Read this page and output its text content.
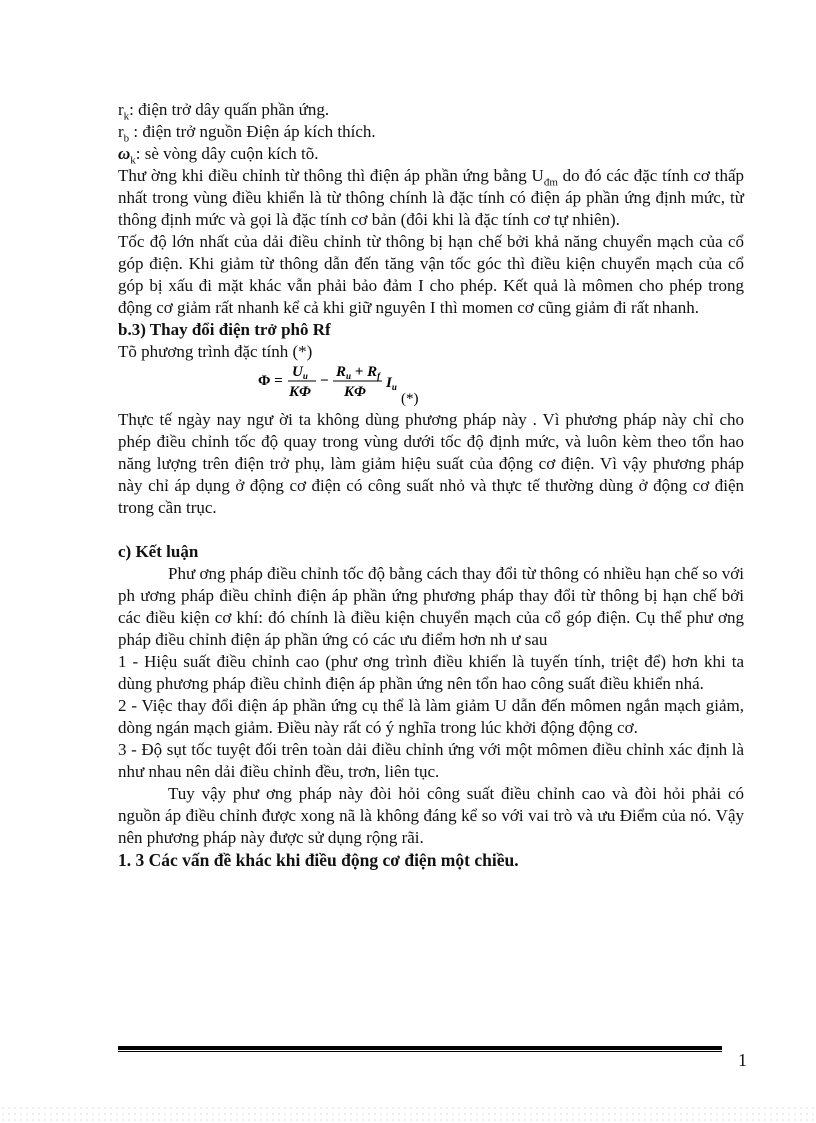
$r_k$: điện trở dây quấn phần ứng.

$r_b$ : điện trở nguồn Điện áp kích thích.

$\omega_k$: sè vòng dây cuộn kích tõ.

Thư ờng khi điều chỉnh từ thông thì điện áp phần ứng bằng $U_{đm}$ do đó các đặc tính cơ thấp nhất trong vùng điều khiển là từ thông chính là đặc tính có điện áp phần ứng định mức, từ thông định mức và gọi là đặc tính cơ bản (đôi khi là đặc tính cơ tự nhiên).

Tốc độ lớn nhất của dải điều chỉnh từ thông bị hạn chế bởi khả năng chuyển mạch của cổ góp điện. Khi giảm từ thông dẫn đến tăng vận tốc góc thì điều kiện chuyển mạch của cổ góp bị xấu đi mặt khác vẫn phải bảo đảm I cho phép. Kết quả là mômen cho phép trong động cơ giảm rất nhanh kể cả khi giữ nguyên I thì momen cơ cũng giảm đi rất nhanh.

b.3) Thay đổi điện trở phô Rf

Tõ phương trình đặc tính (*)

Φ =
$U_u$
KΦ
−
$R_u + R_f$
KΦ
$I_u$
(*)

Thực tế ngày nay ngư ời ta không dùng phương pháp này . Vì phương pháp này chỉ cho phép điều chỉnh tốc độ quay trong vùng dưới tốc độ định mức, và luôn kèm theo tổn hao năng lượng trên điện trở phụ, làm giảm hiệu suất của động cơ điện. Vì vậy phương pháp này chỉ áp dụng ở động cơ điện có công suất nhỏ và thực tế thường dùng ở động cơ điện trong cần trục.

c) Kết luận

Phư ơng pháp điều chỉnh tốc độ bằng cách thay đổi từ thông có nhiều hạn chế so với ph ương pháp điều chỉnh điện áp phần ứng phương pháp thay đổi từ thông bị hạn chế bởi các điều kiện cơ khí: đó chính là điều kiện chuyển mạch của cổ góp điện. Cụ thể phư ơng pháp điều chỉnh điện áp phần ứng có các ưu điểm hơn nh ư sau

1 - Hiệu suất điều chỉnh cao (phư ơng trình điều khiển là tuyến tính, triệt để) hơn khi ta dùng phương pháp điều chỉnh điện áp phần ứng nên tổn hao công suất điều khiển nhá.

2 - Việc thay đổi điện áp phần ứng cụ thể là làm giảm U dẫn đến mômen ngắn mạch giảm, dòng ngán mạch giảm. Điều này rất có ý nghĩa trong lúc khởi động động cơ.

3 - Độ sụt tốc tuyệt đối trên toàn dải điều chỉnh ứng với một mômen điều chỉnh xác định là như nhau nên dải điều chỉnh đều, trơn, liên tục.

Tuy vậy phư ơng pháp này đòi hỏi công suất điều chỉnh cao và đòi hỏi phải có nguồn áp điều chỉnh được xong nã là không đáng kể so với vai trò và ưu Điểm của nó. Vậy nên phương pháp này được sử dụng rộng rãi.

1. 3 Các vấn đề khác khi điều động cơ điện một chiều.

1
